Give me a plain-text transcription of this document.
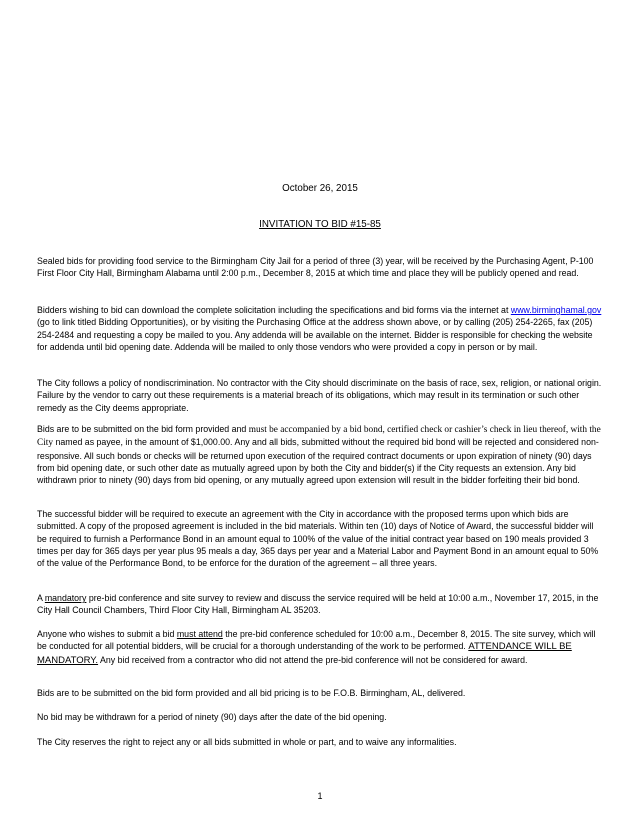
October 26, 2015
INVITATION TO BID #15-85
Sealed bids for providing food service to the Birmingham City Jail for a period of three (3) year, will be received by the Purchasing Agent, P-100 First Floor City Hall, Birmingham Alabama until 2:00 p.m., December 8, 2015 at which time and place they will be publicly opened and read.
Bidders wishing to bid can download the complete solicitation including the specifications and bid forms via the internet at www.birminghamal.gov (go to link titled Bidding Opportunities), or by visiting the Purchasing Office at the address shown above, or by calling (205) 254-2265, fax (205) 254-2484 and requesting a copy be mailed to you. Any addenda will be available on the internet. Bidder is responsible for checking the website for addenda until bid opening date. Addenda will be mailed to only those vendors who were provided a copy in person or by mail.
The City follows a policy of nondiscrimination. No contractor with the City should discriminate on the basis of race, sex, religion, or national origin. Failure by the vendor to carry out these requirements is a material breach of its obligations, which may result in its termination or such other remedy as the City deems appropriate.
Bids are to be submitted on the bid form provided and must be accompanied by a bid bond, certified check or cashier’s check in lieu thereof, with the City named as payee, in the amount of $1,000.00. Any and all bids, submitted without the required bid bond will be rejected and considered non-responsive. All such bonds or checks will be returned upon execution of the required contract documents or upon expiration of ninety (90) days from bid opening date, or such other date as mutually agreed upon by both the City and bidder(s) if the City requests an extension. Any bid withdrawn prior to ninety (90) days from bid opening, or any mutually agreed upon extension will result in the bidder forfeiting their bid bond.
The successful bidder will be required to execute an agreement with the City in accordance with the proposed terms upon which bids are submitted. A copy of the proposed agreement is included in the bid materials. Within ten (10) days of Notice of Award, the successful bidder will be required to furnish a Performance Bond in an amount equal to 100% of the value of the initial contract year based on 190 meals provided 3 times per day for 365 days per year plus 95 meals a day, 365 days per year and a Material Labor and Payment Bond in an amount equal to 50% of the value of the Performance Bond, to be enforce for the duration of the agreement – all three years.
A mandatory pre-bid conference and site survey to review and discuss the service required will be held at 10:00 a.m., November 17, 2015, in the City Hall Council Chambers, Third Floor City Hall, Birmingham AL 35203.
Anyone who wishes to submit a bid must attend the pre-bid conference scheduled for 10:00 a.m., December 8, 2015. The site survey, which will be conducted for all potential bidders, will be crucial for a thorough understanding of the work to be performed. ATTENDANCE WILL BE MANDATORY. Any bid received from a contractor who did not attend the pre-bid conference will not be considered for award.
Bids are to be submitted on the bid form provided and all bid pricing is to be F.O.B. Birmingham, AL, delivered.
No bid may be withdrawn for a period of ninety (90) days after the date of the bid opening.
The City reserves the right to reject any or all bids submitted in whole or part, and to waive any informalities.
1
